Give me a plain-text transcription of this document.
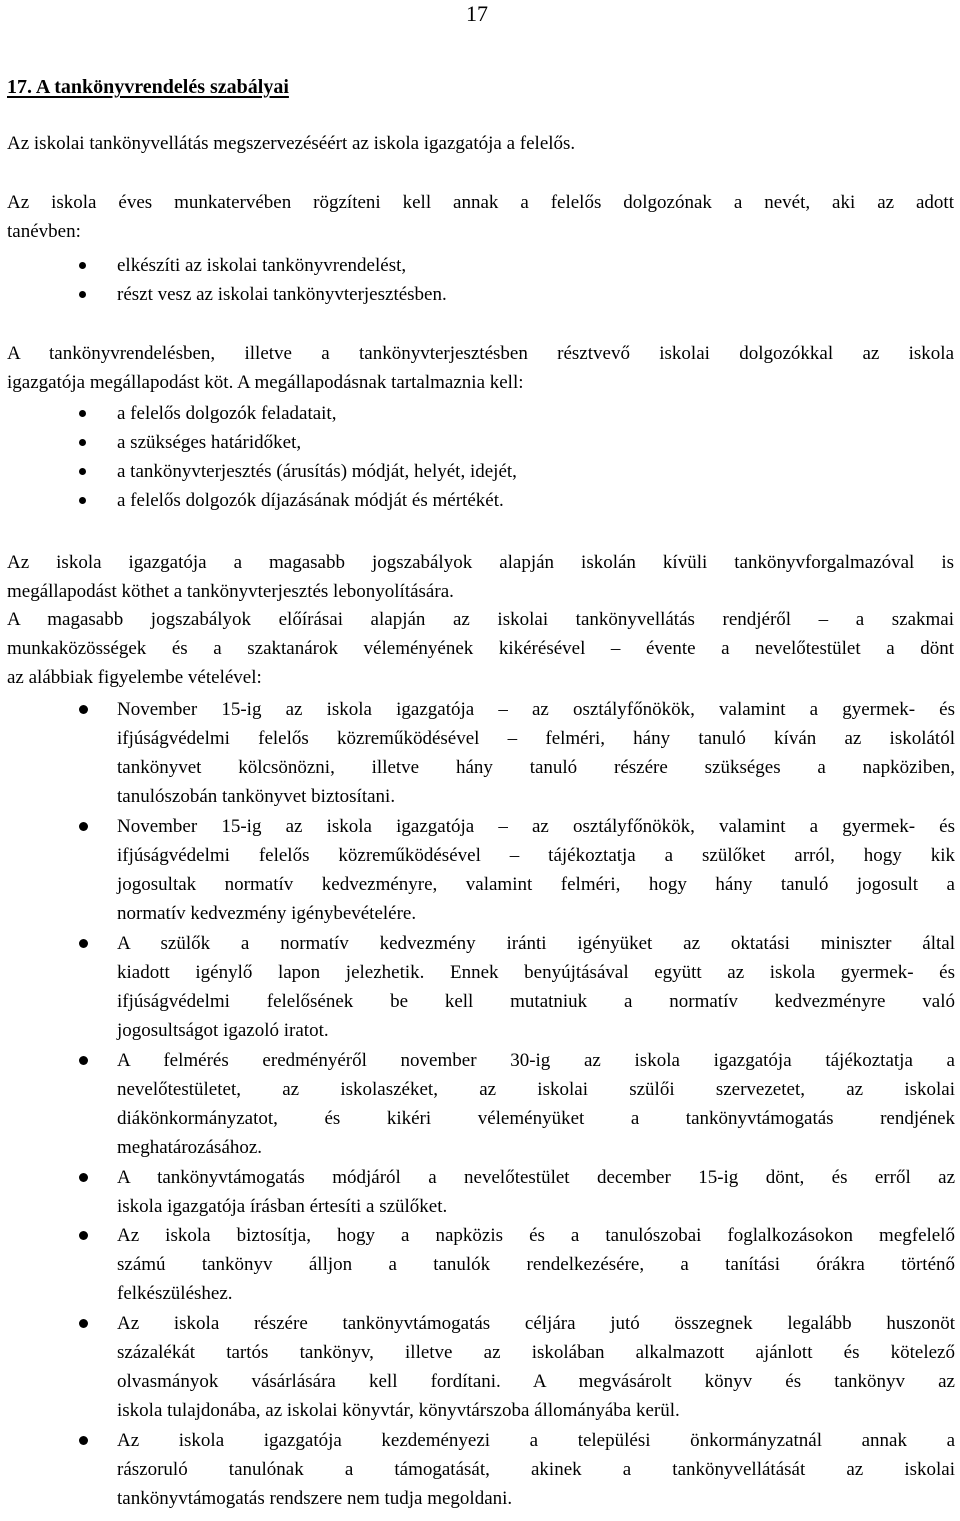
17
17. A tankönyvrendelés szabályai
Az iskolai tankönyvellátás megszervezéséért az iskola igazgatója a felelős.
Az iskola éves munkatervében rögzíteni kell annak a felelős dolgozónak a nevét, aki az adott
tanévben:
elkészíti az iskolai tankönyvrendelést,
részt vesz az iskolai tankönyvterjesztésben.
A tankönyvrendelésben, illetve a tankönyvterjesztésben résztvevő iskolai dolgozókkal az iskola
igazgatója megállapodást köt. A megállapodásnak tartalmaznia kell:
a felelős dolgozók feladatait,
a szükséges határidőket,
a tankönyvterjesztés (árusítás) módját, helyét, idejét,
a felelős dolgozók díjazásának módját és mértékét.
Az iskola igazgatója a magasabb jogszabályok alapján iskolán kívüli tankönyvforgalmazóval is
megállapodást köthet a tankönyvterjesztés lebonyolítására.
A magasabb jogszabályok előírásai alapján az iskolai tankönyvellátás rendjéről – a szakmai
munkaközösségek és a szaktanárok véleményének kikérésével – évente a nevelőtestület a dönt
az alábbiak figyelembe vételével:
November 15-ig az iskola igazgatója – az osztályfőnökök, valamint a gyermek- és
ifjúságvédelmi felelős közreműködésével – felméri, hány tanuló kíván az iskolától
tankönyvet kölcsönözni, illetve hány tanuló részére szükséges a napköziben,
tanulószobán tankönyvet biztosítani.
November 15-ig az iskola igazgatója – az osztályfőnökök, valamint a gyermek- és
ifjúságvédelmi felelős közreműködésével – tájékoztatja a szülőket arról, hogy kik
jogosultak normatív kedvezményre, valamint felméri, hogy hány tanuló jogosult a
normatív kedvezmény igénybevételére.
A szülők a normatív kedvezmény iránti igényüket az oktatási miniszter által
kiadott igénylő lapon jelezhetik. Ennek benyújtásával együtt az iskola gyermek- és
ifjúságvédelmi felelősének be kell mutatniuk a normatív kedvezményre való
jogosultságot igazoló iratot.
A felmérés eredményéről november 30-ig az iskola igazgatója tájékoztatja a
nevelőtestületet, az iskolaszéket, az iskolai szülői szervezetet, az iskolai
diákönkormányzatot, és kikéri véleményüket a tankönyvtámogatás rendjének
meghatározásához.
A tankönyvtámogatás módjáról a nevelőtestület december 15-ig dönt, és erről az
iskola igazgatója írásban értesíti a szülőket.
Az iskola biztosítja, hogy a napközis és a tanulószobai foglalkozásokon megfelelő
számú tankönyv álljon a tanulók rendelkezésére, a tanítási órákra történő
felkészüléshez.
Az iskola részére tankönyvtámogatás céljára jutó összegnek legalább huszonöt
százalékát tartós tankönyv, illetve az iskolában alkalmazott ajánlott és kötelező
olvasmányok vásárlására kell fordítani. A megvásárolt könyv és tankönyv az
iskola tulajdonába, az iskolai könyvtár, könyvtárszoba állományába kerül.
Az iskola igazgatója kezdeményezi a települési önkormányzatnál annak a
rászoruló tanulónak a támogatását, akinek a tankönyvellátását az iskolai
tankönyvtámogatás rendszere nem tudja megoldani.
